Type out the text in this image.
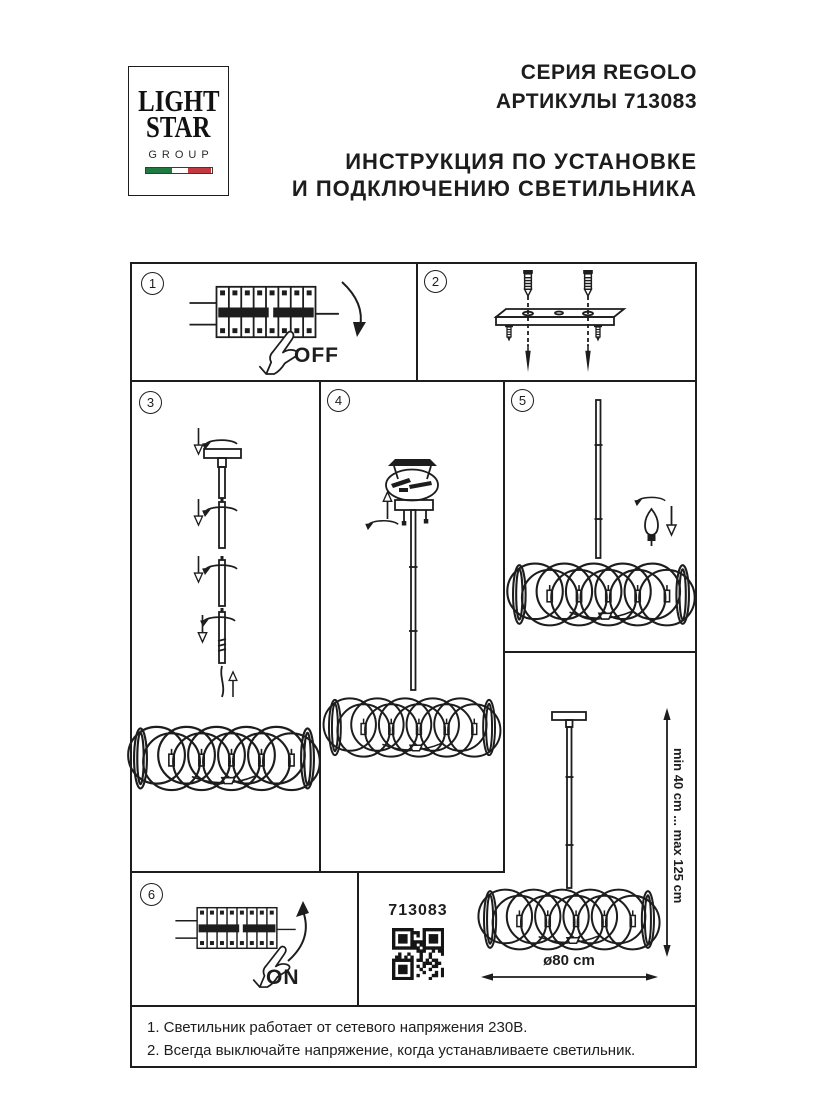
LIGHT
STAR
GROUP
СЕРИЯ REGOLO
АРТИКУЛЫ 713083
ИНСТРУКЦИЯ ПО УСТАНОВКЕ
И ПОДКЛЮЧЕНИЮ СВЕТИЛЬНИКА
1	2
3	4	5
6
OFF
ON
713083
min 40 cm ... max 125 cm
ø80 cm
1. Светильник работает от сетевого напряжения 230В.
2. Всегда выключайте напряжение, когда устанавливаете светильник.
